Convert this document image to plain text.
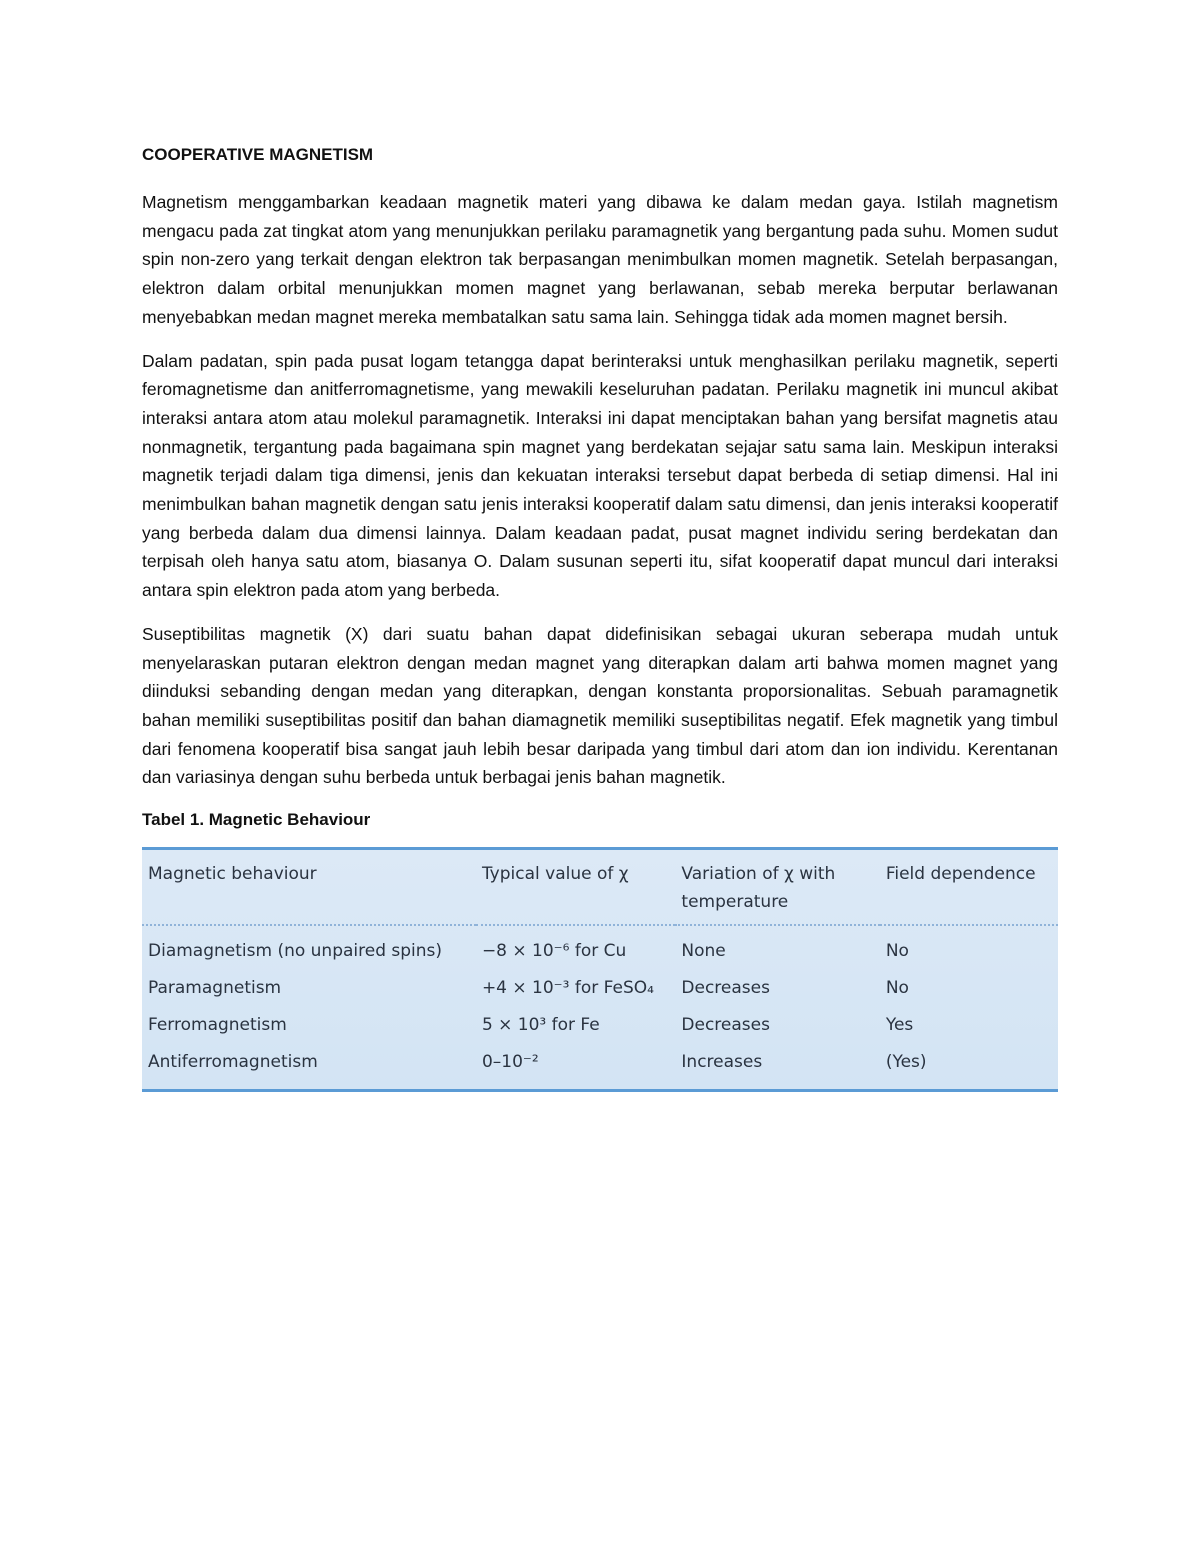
COOPERATIVE MAGNETISM

Magnetism menggambarkan keadaan magnetik materi yang dibawa ke dalam medan gaya. Istilah magnetism mengacu pada zat tingkat atom yang menunjukkan perilaku paramagnetik yang bergantung pada suhu. Momen sudut spin non-zero yang terkait dengan elektron tak berpasangan menimbulkan momen magnetik. Setelah berpasangan, elektron dalam orbital menunjukkan momen magnet yang berlawanan, sebab mereka berputar berlawanan menyebabkan medan magnet mereka membatalkan satu sama lain. Sehingga tidak ada momen magnet bersih.

Dalam padatan, spin pada pusat logam tetangga dapat berinteraksi untuk menghasilkan perilaku magnetik, seperti feromagnetisme dan anitferromagnetisme, yang mewakili keseluruhan padatan. Perilaku magnetik ini muncul akibat interaksi antara atom atau molekul paramagnetik. Interaksi ini dapat menciptakan bahan yang bersifat magnetis atau nonmagnetik, tergantung pada bagaimana spin magnet yang berdekatan sejajar satu sama lain. Meskipun interaksi magnetik terjadi dalam tiga dimensi, jenis dan kekuatan interaksi tersebut dapat berbeda di setiap dimensi. Hal ini menimbulkan bahan magnetik dengan satu jenis interaksi kooperatif dalam satu dimensi, dan jenis interaksi kooperatif yang berbeda dalam dua dimensi lainnya. Dalam keadaan padat, pusat magnet individu sering berdekatan dan terpisah oleh hanya satu atom, biasanya O. Dalam susunan seperti itu, sifat kooperatif dapat muncul dari interaksi antara spin elektron pada atom yang berbeda.

Suseptibilitas magnetik (X) dari suatu bahan dapat didefinisikan sebagai ukuran seberapa mudah untuk menyelaraskan putaran elektron dengan medan magnet yang diterapkan dalam arti bahwa momen magnet yang diinduksi sebanding dengan medan yang diterapkan, dengan konstanta proporsionalitas. Sebuah paramagnetik bahan memiliki suseptibilitas positif dan bahan diamagnetik memiliki suseptibilitas negatif. Efek magnetik yang timbul dari fenomena kooperatif bisa sangat jauh lebih besar daripada yang timbul dari atom dan ion individu. Kerentanan dan variasinya dengan suhu berbeda untuk berbagai jenis bahan magnetik.

Tabel 1. Magnetic Behaviour
Magnetic behaviour	Typical value of χ	Variation of χ with temperature	Field dependence
Diamagnetism (no unpaired spins)	−8 × 10⁻⁶ for Cu	None	No
Paramagnetism	+4 × 10⁻³ for FeSO₄	Decreases	No
Ferromagnetism	5 × 10³ for Fe	Decreases	Yes
Antiferromagnetism	0–10⁻²	Increases	(Yes)
